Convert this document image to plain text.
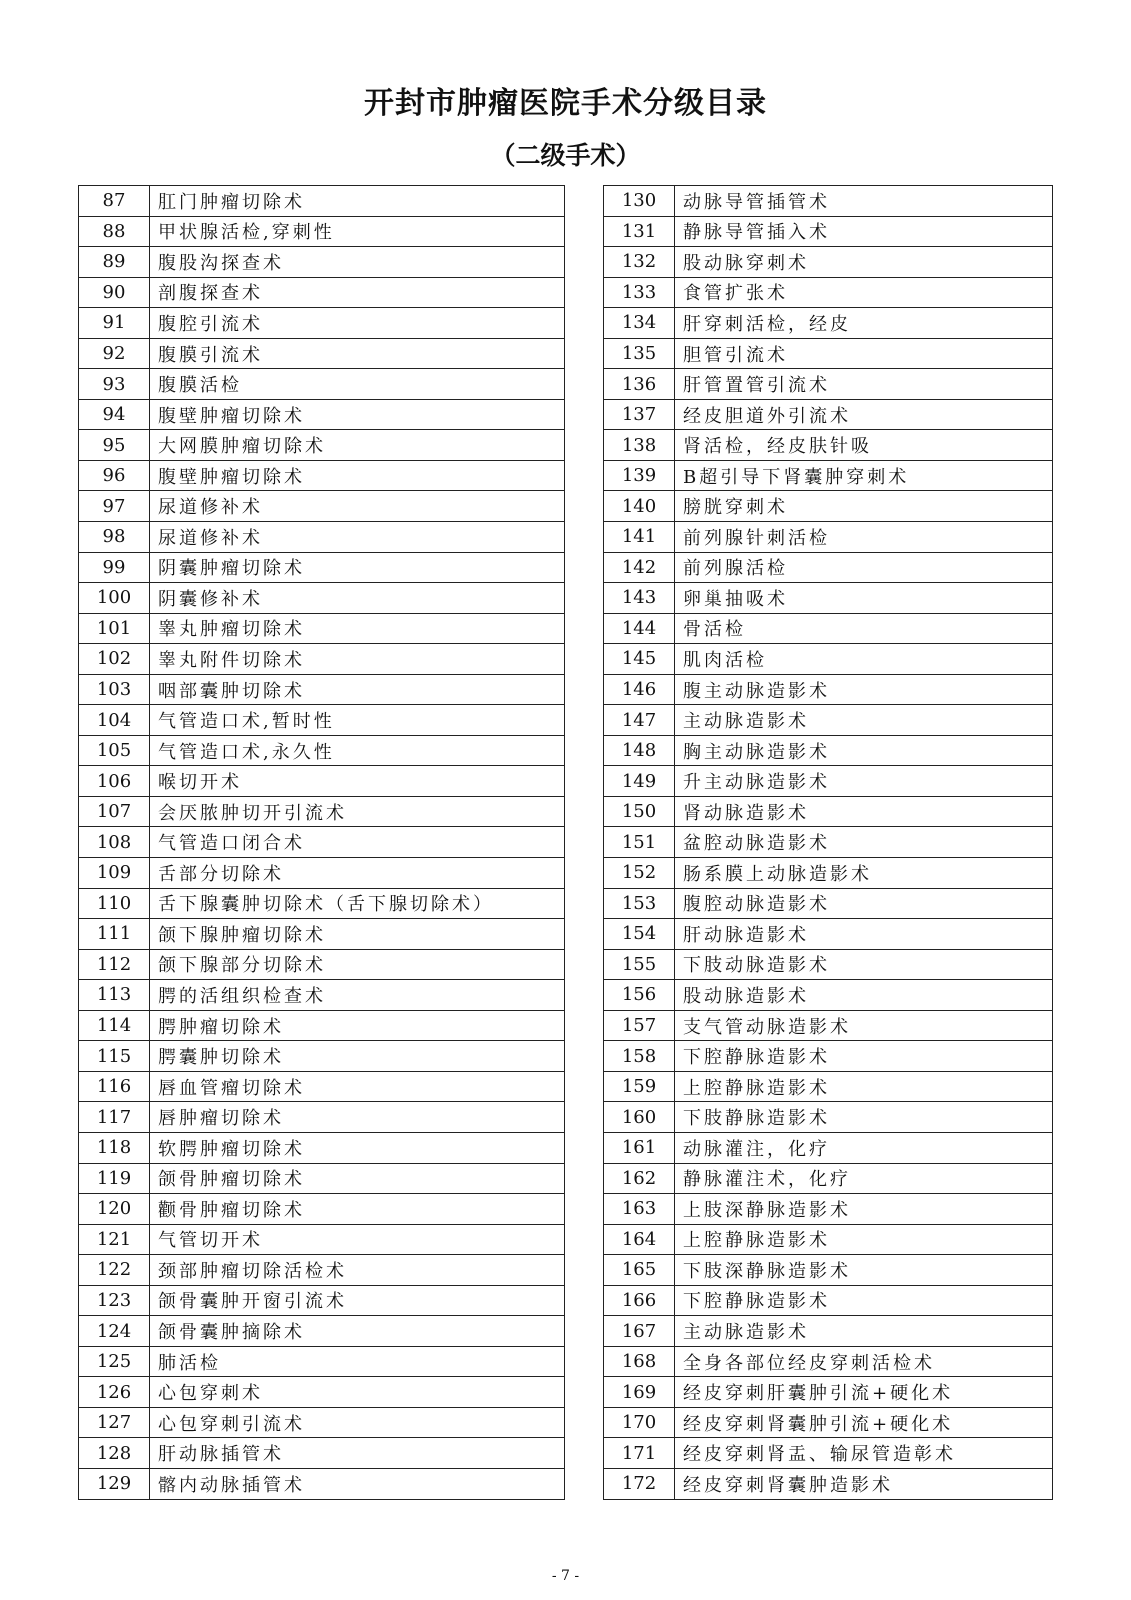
开封市肿瘤医院手术分级目录
（二级手术）
87	肛门肿瘤切除术
88	甲状腺活检,穿刺性
89	腹股沟探查术
90	剖腹探查术
91	腹腔引流术
92	腹膜引流术
93	腹膜活检
94	腹壁肿瘤切除术
95	大网膜肿瘤切除术
96	腹壁肿瘤切除术
97	尿道修补术
98	尿道修补术
99	阴囊肿瘤切除术
100	阴囊修补术
101	睾丸肿瘤切除术
102	睾丸附件切除术
103	咽部囊肿切除术
104	气管造口术,暂时性
105	气管造口术,永久性
106	喉切开术
107	会厌脓肿切开引流术
108	气管造口闭合术
109	舌部分切除术
110	舌下腺囊肿切除术（舌下腺切除术）
111	颌下腺肿瘤切除术
112	颌下腺部分切除术
113	腭的活组织检查术
114	腭肿瘤切除术
115	腭囊肿切除术
116	唇血管瘤切除术
117	唇肿瘤切除术
118	软腭肿瘤切除术
119	颌骨肿瘤切除术
120	颧骨肿瘤切除术
121	气管切开术
122	颈部肿瘤切除活检术
123	颌骨囊肿开窗引流术
124	颌骨囊肿摘除术
125	肺活检
126	心包穿刺术
127	心包穿刺引流术
128	肝动脉插管术
129	髂内动脉插管术
130	动脉导管插管术
131	静脉导管插入术
132	股动脉穿刺术
133	食管扩张术
134	肝穿刺活检，经皮
135	胆管引流术
136	肝管置管引流术
137	经皮胆道外引流术
138	肾活检，经皮肤针吸
139	B超引导下肾囊肿穿刺术
140	膀胱穿刺术
141	前列腺针刺活检
142	前列腺活检
143	卵巢抽吸术
144	骨活检
145	肌肉活检
146	腹主动脉造影术
147	主动脉造影术
148	胸主动脉造影术
149	升主动脉造影术
150	肾动脉造影术
151	盆腔动脉造影术
152	肠系膜上动脉造影术
153	腹腔动脉造影术
154	肝动脉造影术
155	下肢动脉造影术
156	股动脉造影术
157	支气管动脉造影术
158	下腔静脉造影术
159	上腔静脉造影术
160	下肢静脉造影术
161	动脉灌注，化疗
162	静脉灌注术，化疗
163	上肢深静脉造影术
164	上腔静脉造影术
165	下肢深静脉造影术
166	下腔静脉造影术
167	主动脉造影术
168	全身各部位经皮穿刺活检术
169	经皮穿刺肝囊肿引流+硬化术
170	经皮穿刺肾囊肿引流+硬化术
171	经皮穿刺肾盂、输尿管造彰术
172	经皮穿刺肾囊肿造影术
- 7 -
